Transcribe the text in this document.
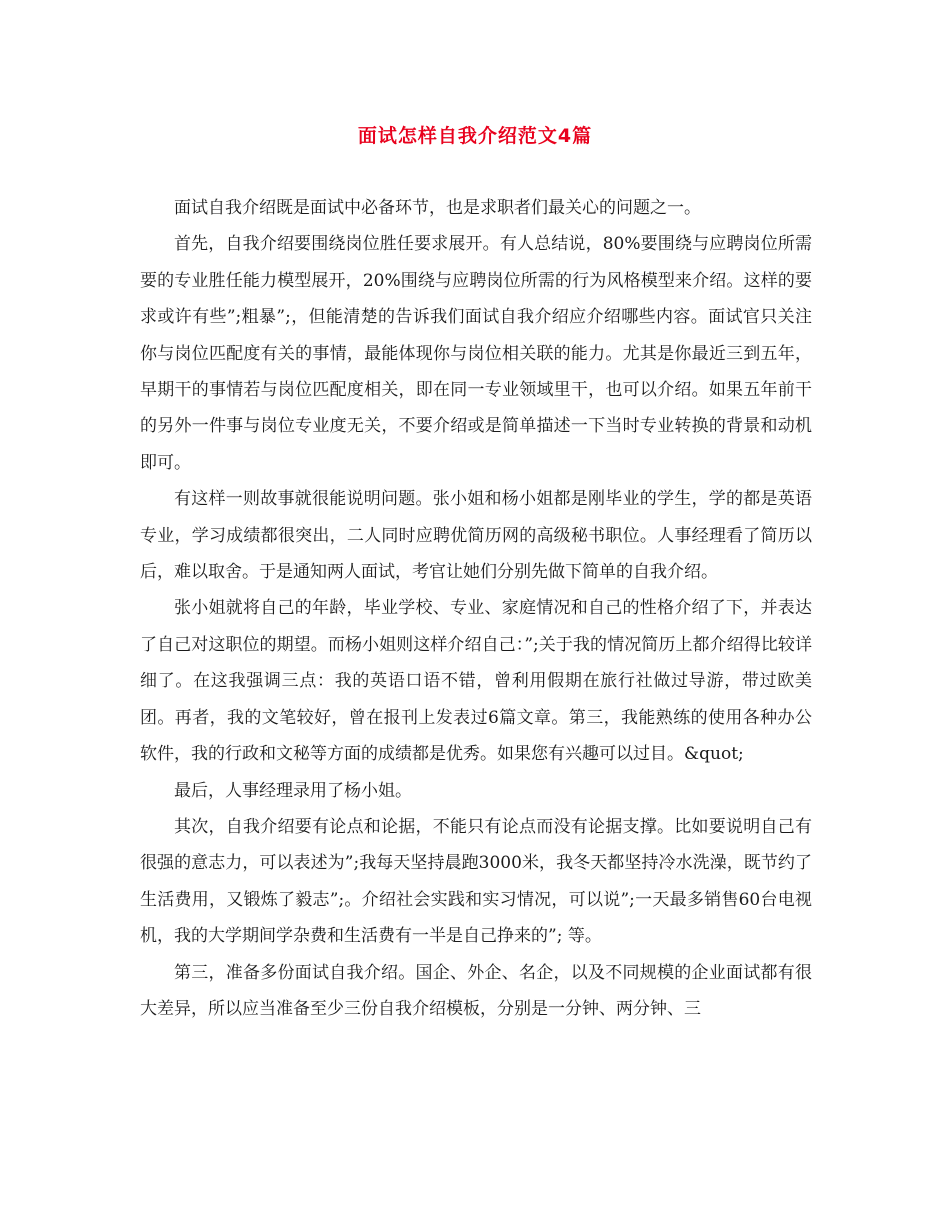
面试怎样自我介绍范文4篇

面试自我介绍既是面试中必备环节，也是求职者们最关心的问题之一。

首先，自我介绍要围绕岗位胜任要求展开。有人总结说，80%要围绕与应聘岗位所需要的专业胜任能力模型展开，20%围绕与应聘岗位所需的行为风格模型来介绍。这样的要求或许有些”;粗暴”;，但能清楚的告诉我们面试自我介绍应介绍哪些内容。面试官只关注你与岗位匹配度有关的事情，最能体现你与岗位相关联的能力。尤其是你最近三到五年，早期干的事情若与岗位匹配度相关，即在同一专业领域里干，也可以介绍。如果五年前干的另外一件事与岗位专业度无关，不要介绍或是简单描述一下当时专业转换的背景和动机即可。

有这样一则故事就很能说明问题。张小姐和杨小姐都是刚毕业的学生，学的都是英语专业，学习成绩都很突出，二人同时应聘优简历网的高级秘书职位。人事经理看了简历以后，难以取舍。于是通知两人面试，考官让她们分别先做下简单的自我介绍。

张小姐就将自己的年龄，毕业学校、专业、家庭情况和自己的性格介绍了下，并表达了自己对这职位的期望。而杨小姐则这样介绍自己：”;关于我的情况简历上都介绍得比较详细了。在这我强调三点：我的英语口语不错，曾利用假期在旅行社做过导游，带过欧美团。再者，我的文笔较好，曾在报刊上发表过6篇文章。第三，我能熟练的使用各种办公软件，我的行政和文秘等方面的成绩都是优秀。如果您有兴趣可以过目。&quot;

最后，人事经理录用了杨小姐。

其次，自我介绍要有论点和论据，不能只有论点而没有论据支撑。比如要说明自己有很强的意志力，可以表述为”;我每天坚持晨跑3000米，我冬天都坚持冷水洗澡，既节约了生活费用，又锻炼了毅志”;。介绍社会实践和实习情况，可以说”;一天最多销售60台电视机，我的大学期间学杂费和生活费有一半是自己挣来的”; 等。

第三，准备多份面试自我介绍。国企、外企、名企，以及不同规模的企业面试都有很大差异，所以应当准备至少三份自我介绍模板，分别是一分钟、两分钟、三
